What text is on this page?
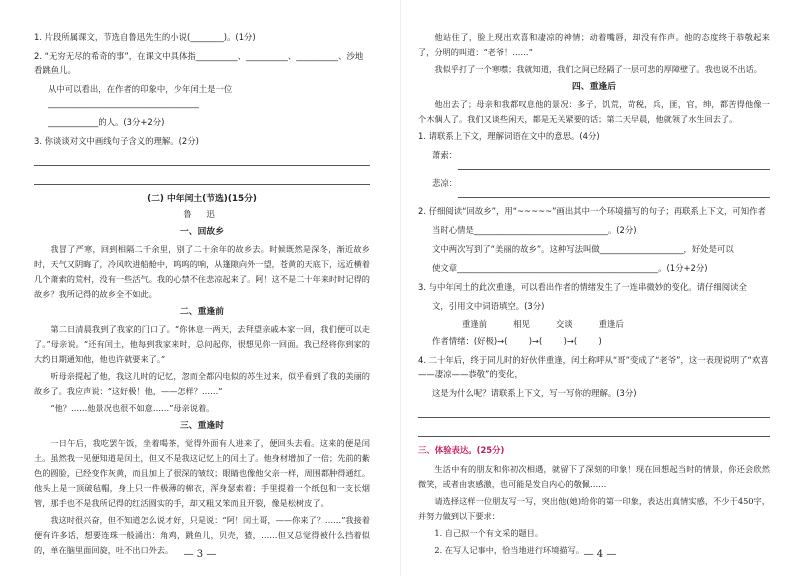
1. 片段所属课文，节选自鲁迅先生的小说(________)。(1分)

2. “无穷无尽的希奇的事”，在课文中具体指__________、__________、__________、沙地看跳鱼儿。

从中可以看出，在作者的印象中，少年闰土是一位____________________________________

____________的人。(3分+2分)

3. 你谈谈对文中画线句子含义的理解。(2分)

(二) 中年闰土(节选)(15分)
鲁 迅
一、回故乡

我冒了严寒，回到相隔二千余里，别了二十余年的故乡去。时候既然是深冬，渐近故乡时，天气又阴晦了，冷风吹进船舱中，呜呜的响，从篷隙向外一望，苍黄的天底下，远近横着几个萧索的荒村，没有一些活气。我的心禁不住悲凉起来了。阿！这不是二十年来时时记得的故乡？我所记得的故乡全不如此。

二、重逢前

第二日清晨我到了我家的门口了。“你休息一两天，去拜望亲戚本家一回，我们便可以走了。”母亲说。“还有闰土，他每到我家来时，总问起你，很想见你一回面。我已经将你到家的大约日期通知他，他也许就要来了。”

听母亲提起了他，我这儿时的记忆，忽而全都闪电似的苏生过来，似乎看到了我的美丽的故乡了。我应声说：“这好极！他，——怎样？……”

“他？……他景况也很不如意……”母亲说着。

三、重逢时

一日午后，我吃罢午饭，坐着喝茶，觉得外面有人进来了，便回头去看。这来的便是闰土。虽然我一见便知道是闰土，但又不是我这记忆上的闰土了。他身材增加了一倍；先前的紫色的圆脸，已经变作灰黄，而且加上了很深的皱纹；眼睛也像他父亲一样，周围都肿得通红。他头上是一顶破毡帽，身上只一件极薄的棉衣，浑身瑟索着；手里提着一个纸包和一支长烟管，那手也不是我所记得的红活圆实的手，却又粗又笨而且开裂，像是松树皮了。

我这时很兴奋，但不知道怎么说才好，只是说：“阿！闰土哥，——你来了？……”我接着便有许多话，想要连珠一般涌出：角鸡，跳鱼儿，贝壳，猹，……但又总觉得被什么挡着似的，单在脑里面回旋，吐不出口外去。	— 3 —

他站住了，脸上现出欢喜和凄凉的神情；动着嘴唇，却没有作声。他的态度终于恭敬起来了，分明的叫道：“老爷！……”

我似乎打了一个寒噤；我就知道，我们之间已经隔了一层可悲的厚障壁了。我也说不出话。

四、重逢后

他出去了；母亲和我都叹息他的景况：多子，饥荒，苛税，兵，匪，官，绅，都苦得他像一个木偶人了。我们又谈些闲天，都是无关紧要的话；第二天早晨，他就领了水生回去了。

1. 请联系上下文，理解词语在文中的意思。(4分)

萧索：

悲凉：

2. 仔细阅读“回故乡”，用“~~~~~”画出其中一个环境描写的句子；再联系上下文，可知作者

当时心情是________________________________。(2分)

文中两次写到了“美丽的故乡”。这种写法叫做____________________，好处是可以

使文章________________________________________________。(1分+2分)

3. 与中年闰土的此次重逢，可以看出作者的情绪发生了一连串微妙的变化。请仔细阅读全

文，引用文中词语填空。(3分)

重逢前	相见	交谈	重逢后

作者情绪：(好极)→(        )→(        )→(        )

4. 二十年后，终于同儿时的好伙伴重逢，闰土称呼从“哥”变成了“老爷”，这一表现说明了“欢喜——凄凉——恭敬”的变化，

这是为什么呢？请联系上下文，写一写你的理解。(3分)

三、体验表达。(25分)

生活中有的朋友和你初次相遇，就留下了深刻的印象！现在回想起当时的情景，你还会欣然微笑，或者由衷感激，也可能是发自内心的敬佩……

请选择这样一位朋友写一写，突出他(她)给你的第一印象，表达出真情实感，不少于450字，并努力做到以下要求：

1. 自己拟一个有文采的题目。

2. 在写人记事中，恰当地进行环境描写。 — 4 —
